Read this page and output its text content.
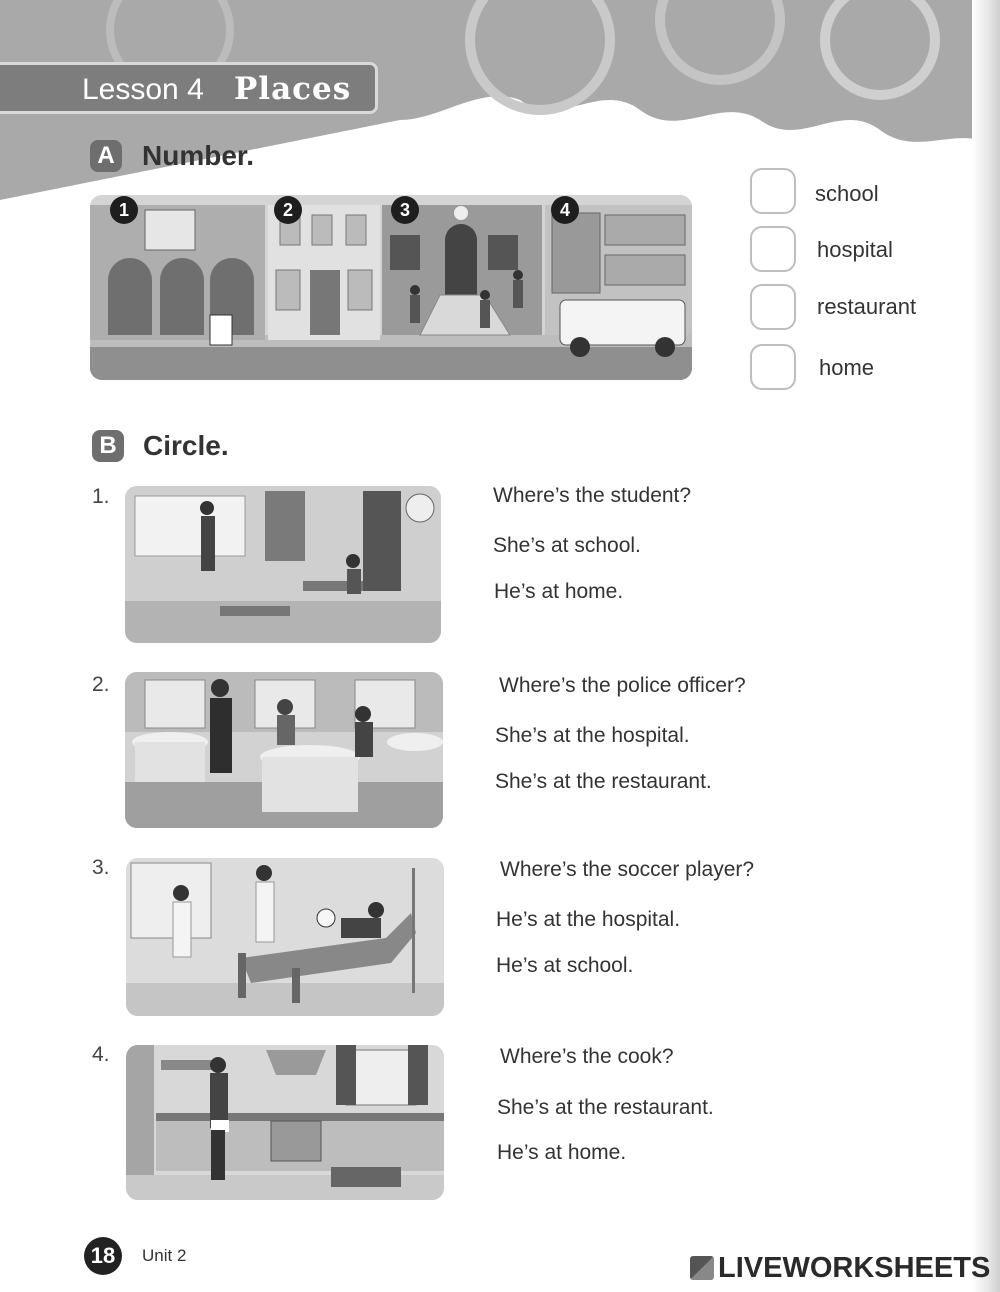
Lesson 4 Places
A Number.
1	2	3	4
school
hospital
restaurant
home
B Circle.
1.	Where’s the student?
She’s at school.
He’s at home.
2.	Where’s the police officer?
She’s at the hospital.
She’s at the restaurant.
3.	Where’s the soccer player?
He’s at the hospital.
He’s at school.
4.	Where’s the cook?
She’s at the restaurant.
He’s at home.
18	Unit 2	LIVEWORKSHEETS
